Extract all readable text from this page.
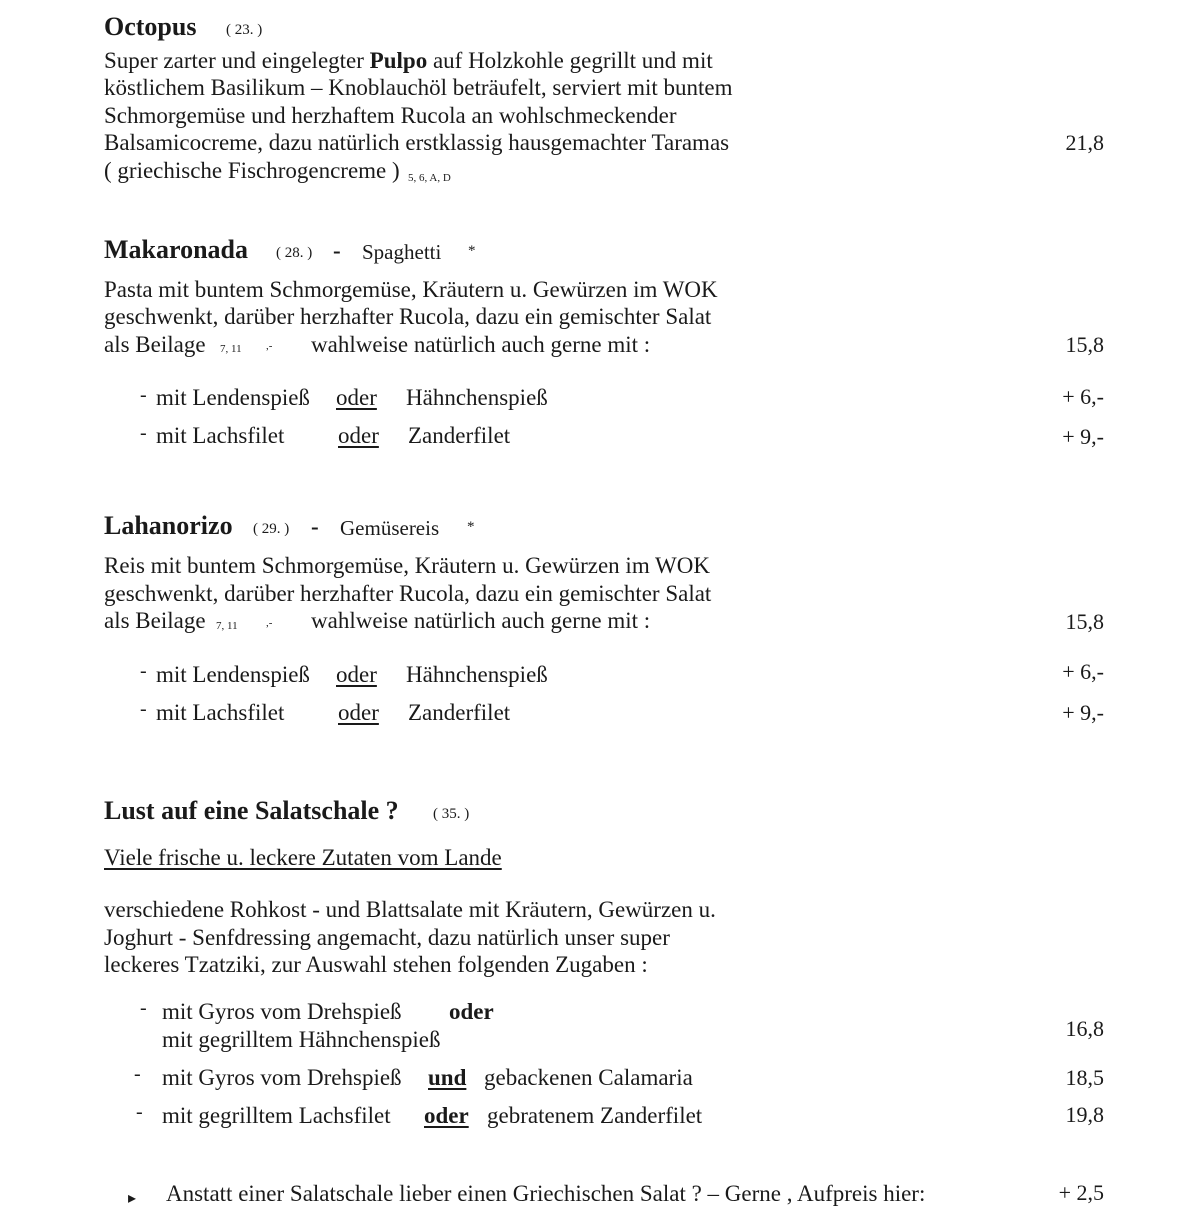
Octopus ( 23. )
Super zarter und eingelegter Pulpo auf Holzkohle gegrillt und mit
köstlichem Basilikum – Knoblauchöl beträufelt, serviert mit buntem
Schmorgemüse und herzhaftem Rucola an wohlschmeckender
Balsamicocreme, dazu natürlich erstklassig hausgemachter Taramas
( griechische Fischrogencreme ) 5, 6, A, D
21,8
Makaronada ( 28. ) - Spaghetti *
Pasta mit buntem Schmorgemüse, Kräutern u. Gewürzen im WOK
geschwenkt, darüber herzhafter Rucola, dazu ein gemischter Salat
als Beilage 7, 11 ,- wahlweise natürlich auch gerne mit :	15,8
- mit Lendenspieß oder Hähnchenspieß	+ 6,-
- mit Lachsfilet oder Zanderfilet	+ 9,-
Lahanorizo ( 29. ) - Gemüsereis *
Reis mit buntem Schmorgemüse, Kräutern u. Gewürzen im WOK
geschwenkt, darüber herzhafter Rucola, dazu ein gemischter Salat
als Beilage 7, 11	,- wahlweise natürlich auch gerne mit :	15,8
- mit Lendenspieß oder Hähnchenspieß	+ 6,-
- mit Lachsfilet oder Zanderfilet	+ 9,-
Lust auf eine Salatschale ? ( 35. )
Viele frische u. leckere Zutaten vom Lande
verschiedene Rohkost - und Blattsalate mit Kräutern, Gewürzen u.
Joghurt - Senfdressing angemacht, dazu natürlich unser super
leckeres Tzatziki, zur Auswahl stehen folgenden Zugaben :
- mit Gyros vom Drehspieß oder
mit gegrilltem Hähnchenspieß	16,8
- mit Gyros vom Drehspieß und gebackenen Calamaria	18,5
- mit gegrilltem Lachsfilet oder gebratenem Zanderfilet	19,8
▸ Anstatt einer Salatschale lieber einen Griechischen Salat ? – Gerne , Aufpreis hier:	+ 2,5
